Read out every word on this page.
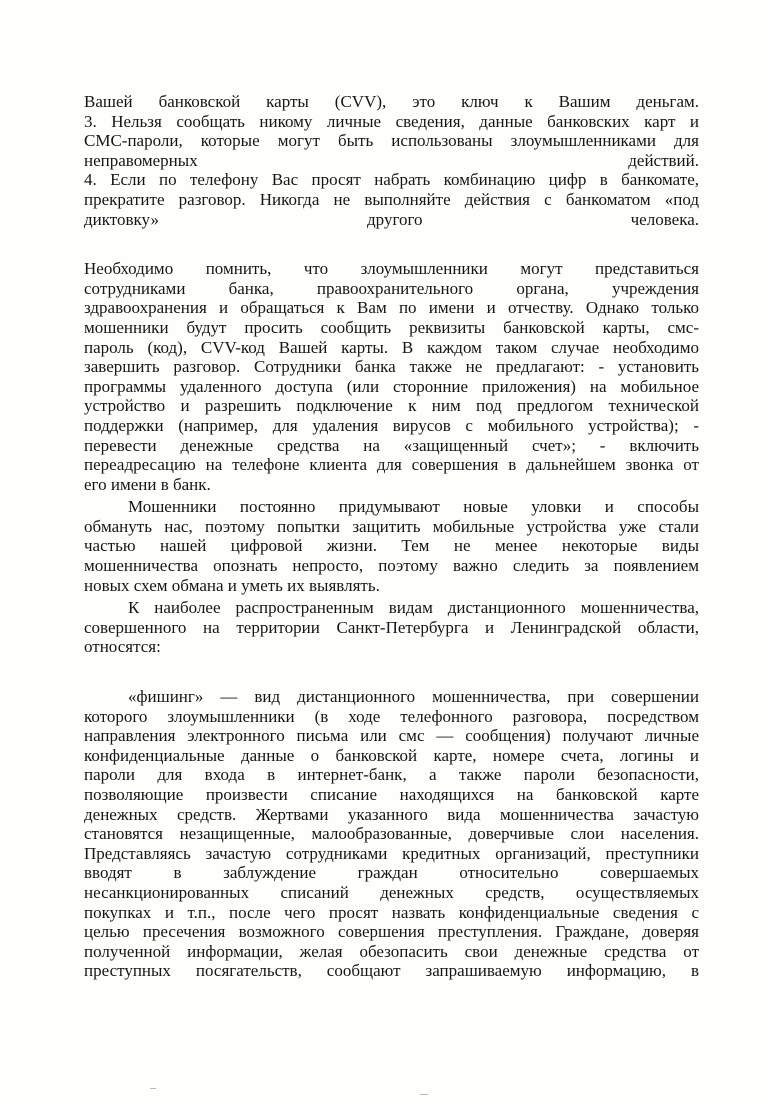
Вашей банковской карты (CVV), это ключ к Вашим деньгам.
3. Нельзя сообщать никому личные сведения, данные банковских карт и
СМС-пароли, которые могут быть использованы злоумышленниками для
неправомерных	действий.
4. Если по телефону Вас просят набрать комбинацию цифр в банкомате,
прекратите разговор. Никогда не выполняйте действия с банкоматом «под
диктовку» другого человека.
Необходимо помнить, что злоумышленники могут представиться
сотрудниками банка, правоохранительного органа, учреждения
здравоохранения и обращаться к Вам по имени и отчеству. Однако только
мошенники будут просить сообщить реквизиты банковской карты, смс-
пароль (код), CVV-код Вашей карты. В каждом таком случае необходимо
завершить разговор. Сотрудники банка также не предлагают: - установить
программы удаленного доступа (или сторонние приложения) на мобильное
устройство и разрешить подключение к ним под предлогом технической
поддержки (например, для удаления вирусов с мобильного устройства); -
перевести денежные средства на «защищенный счет»; - включить
переадресацию на телефоне клиента для совершения в дальнейшем звонка от
его имени в банк.
Мошенники постоянно придумывают новые уловки и способы
обмануть нас, поэтому попытки защитить мобильные устройства уже стали
частью нашей цифровой жизни. Тем не менее некоторые виды
мошенничества опознать непросто, поэтому важно следить за появлением
новых схем обмана и уметь их выявлять.
К наиболее распространенным видам дистанционного мошенничества,
совершенного на территории Санкт-Петербурга и Ленинградской области,
относятся:
«фишинг» — вид дистанционного мошенничества, при совершении
которого злоумышленники (в ходе телефонного разговора, посредством
направления электронного письма или смс — сообщения) получают личные
конфиденциальные данные о банковской карте, номере счета, логины и
пароли для входа в интернет-банк, а также пароли безопасности,
позволяющие произвести списание находящихся на банковской карте
денежных средств. Жертвами указанного вида мошенничества зачастую
становятся незащищенные, малообразованные, доверчивые слои населения.
Представляясь зачастую сотрудниками кредитных организаций, преступники
вводят в заблуждение граждан относительно совершаемых
несанкционированных списаний денежных средств, осуществляемых
покупках и т.п., после чего просят назвать конфиденциальные сведения с
целью пресечения возможного совершения преступления. Граждане, доверяя
полученной информации, желая обезопасить свои денежные средства от
преступных посягательств, сообщают запрашиваемую информацию, в
